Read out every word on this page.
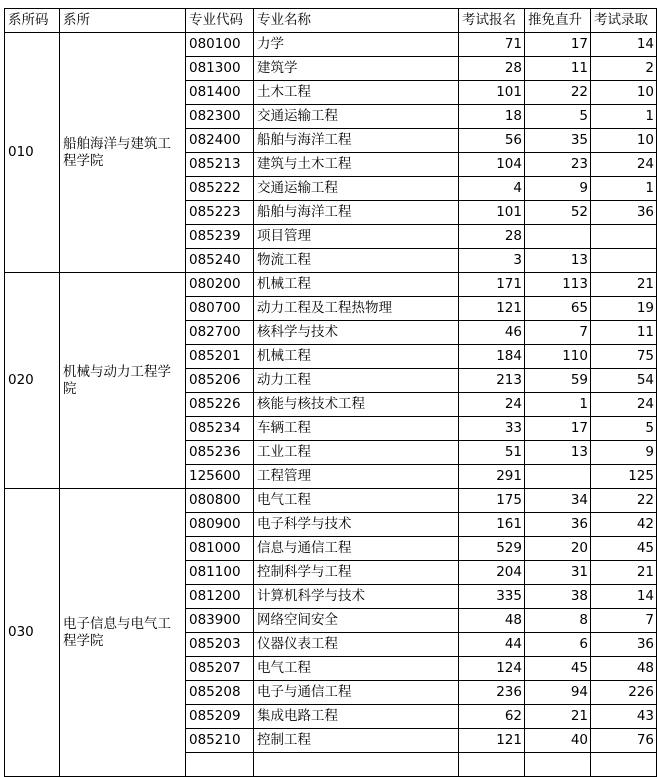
系所码	系所	专业代码	专业名称	考试报名	推免直升	考试录取
010	船舶海洋与建筑工程学院	080100	力学	71	17	14
		081300	建筑学	28	11	2
		081400	土木工程	101	22	10
		082300	交通运输工程	18	5	1
		082400	船舶与海洋工程	56	35	10
		085213	建筑与土木工程	104	23	24
		085222	交通运输工程	4	9	1
		085223	船舶与海洋工程	101	52	36
		085239	项目管理	28		
		085240	物流工程	3	13	
020	机械与动力工程学院	080200	机械工程	171	113	21
		080700	动力工程及工程热物理	121	65	19
		082700	核科学与技术	46	7	11
		085201	机械工程	184	110	75
		085206	动力工程	213	59	54
		085226	核能与核技术工程	24	1	24
		085234	车辆工程	33	17	5
		085236	工业工程	51	13	9
		125600	工程管理	291		125
030	电子信息与电气工程学院	080800	电气工程	175	34	22
		080900	电子科学与技术	161	36	42
		081000	信息与通信工程	529	20	45
		081100	控制科学与工程	204	31	21
		081200	计算机科学与技术	335	38	14
		083900	网络空间安全	48	8	7
		085203	仪器仪表工程	44	6	36
		085207	电气工程	124	45	48
		085208	电子与通信工程	236	94	226
		085209	集成电路工程	62	21	43
		085210	控制工程	121	40	76
